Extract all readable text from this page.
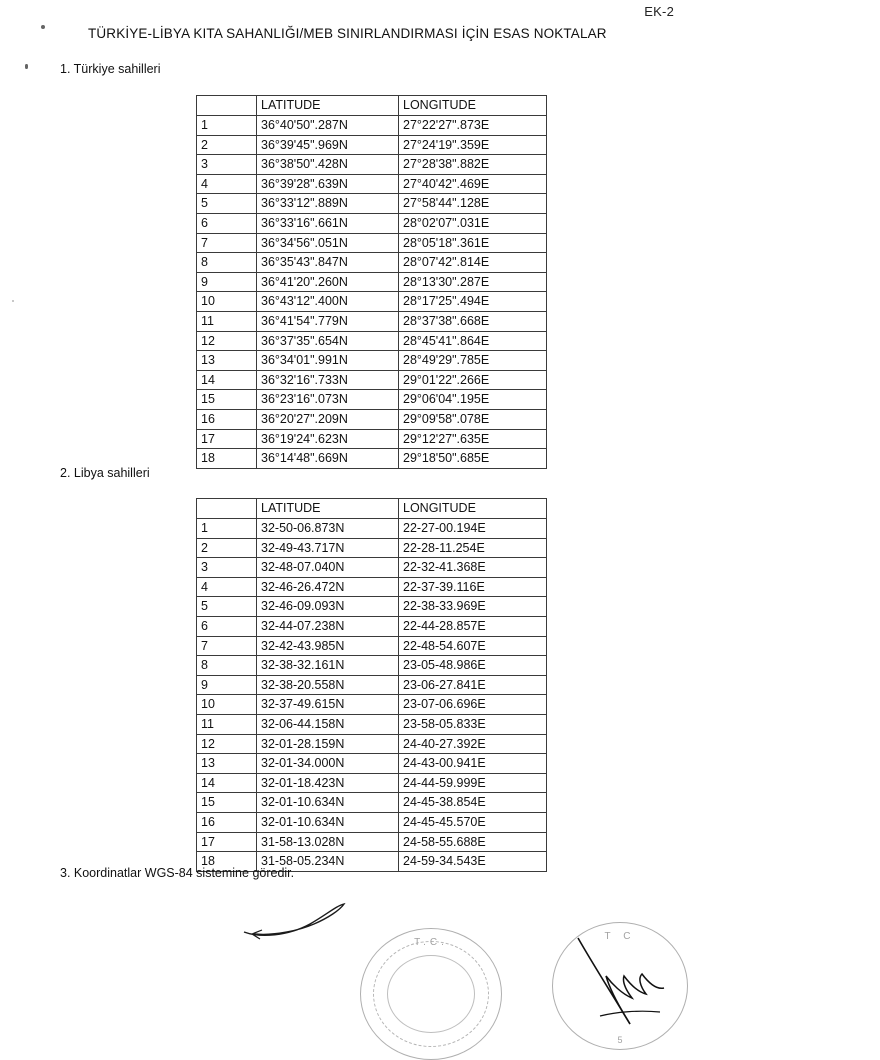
EK-2
TÜRKİYE-LİBYA KITA SAHANLIĞI/MEB SINIRLANDIRMASI İÇİN ESAS NOKTALAR
1. Türkiye sahilleri
	LATITUDE	LONGITUDE
1	36°40'50".287N	27°22'27".873E
2	36°39'45".969N	27°24'19".359E
3	36°38'50".428N	27°28'38".882E
4	36°39'28".639N	27°40'42".469E
5	36°33'12".889N	27°58'44".128E
6	36°33'16".661N	28°02'07".031E
7	36°34'56".051N	28°05'18".361E
8	36°35'43".847N	28°07'42".814E
9	36°41'20".260N	28°13'30".287E
10	36°43'12".400N	28°17'25".494E
11	36°41'54".779N	28°37'38".668E
12	36°37'35".654N	28°45'41".864E
13	36°34'01".991N	28°49'29".785E
14	36°32'16".733N	29°01'22".266E
15	36°23'16".073N	29°06'04".195E
16	36°20'27".209N	29°09'58".078E
17	36°19'24".623N	29°12'27".635E
18	36°14'48".669N	29°18'50".685E
2. Libya sahilleri
	LATITUDE	LONGITUDE
1	32-50-06.873N	22-27-00.194E
2	32-49-43.717N	22-28-11.254E
3	32-48-07.040N	22-32-41.368E
4	32-46-26.472N	22-37-39.116E
5	32-46-09.093N	22-38-33.969E
6	32-44-07.238N	22-44-28.857E
7	32-42-43.985N	22-48-54.607E
8	32-38-32.161N	23-05-48.986E
9	32-38-20.558N	23-06-27.841E
10	32-37-49.615N	23-07-06.696E
11	32-06-44.158N	23-58-05.833E
12	32-01-28.159N	24-40-27.392E
13	32-01-34.000N	24-43-00.941E
14	32-01-18.423N	24-44-59.999E
15	32-01-10.634N	24-45-38.854E
16	32-01-10.634N	24-45-45.570E
17	31-58-13.028N	24-58-55.688E
18	31-58-05.234N	24-59-34.543E
3. Koordinatlar WGS-84 sistemine göredir.
T.C.
T C
5
